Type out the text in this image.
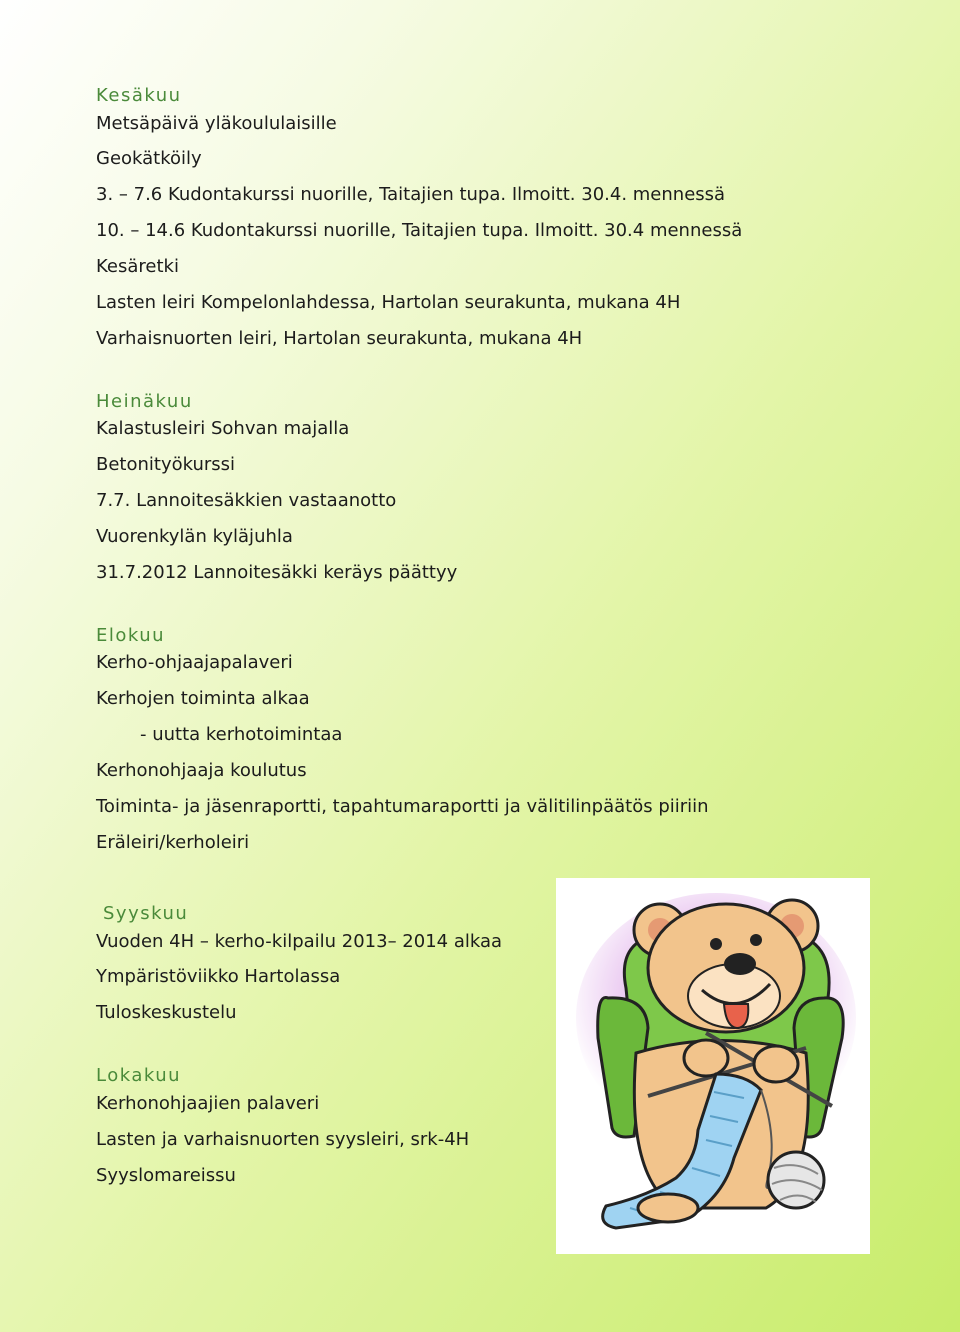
Kesäkuu

Metsäpäivä yläkoululaisille

Geokätköily

3. – 7.6 Kudontakurssi nuorille, Taitajien tupa. Ilmoitt. 30.4. mennessä

10. – 14.6 Kudontakurssi nuorille, Taitajien tupa. Ilmoitt. 30.4 mennessä

Kesäretki

Lasten leiri Kompelonlahdessa, Hartolan seurakunta, mukana 4H

Varhaisnuorten leiri, Hartolan seurakunta, mukana 4H

Heinäkuu

Kalastusleiri Sohvan majalla

Betonityökurssi

7.7. Lannoitesäkkien vastaanotto

Vuorenkylän kyläjuhla

31.7.2012 Lannoitesäkki keräys päättyy

Elokuu

Kerho-ohjaajapalaveri

Kerhojen toiminta alkaa

- uutta kerhotoimintaa

Kerhonohjaaja koulutus

Toiminta- ja jäsenraportti, tapahtumaraportti ja välitilinpäätös piiriin

Eräleiri/kerholeiri

Syyskuu

Vuoden 4H – kerho-kilpailu 2013– 2014 alkaa

Ympäristöviikko Hartolassa

Tuloskeskustelu

Lokakuu

Kerhonohjaajien palaveri

Lasten ja varhaisnuorten syysleiri, srk-4H

Syyslomareissu
